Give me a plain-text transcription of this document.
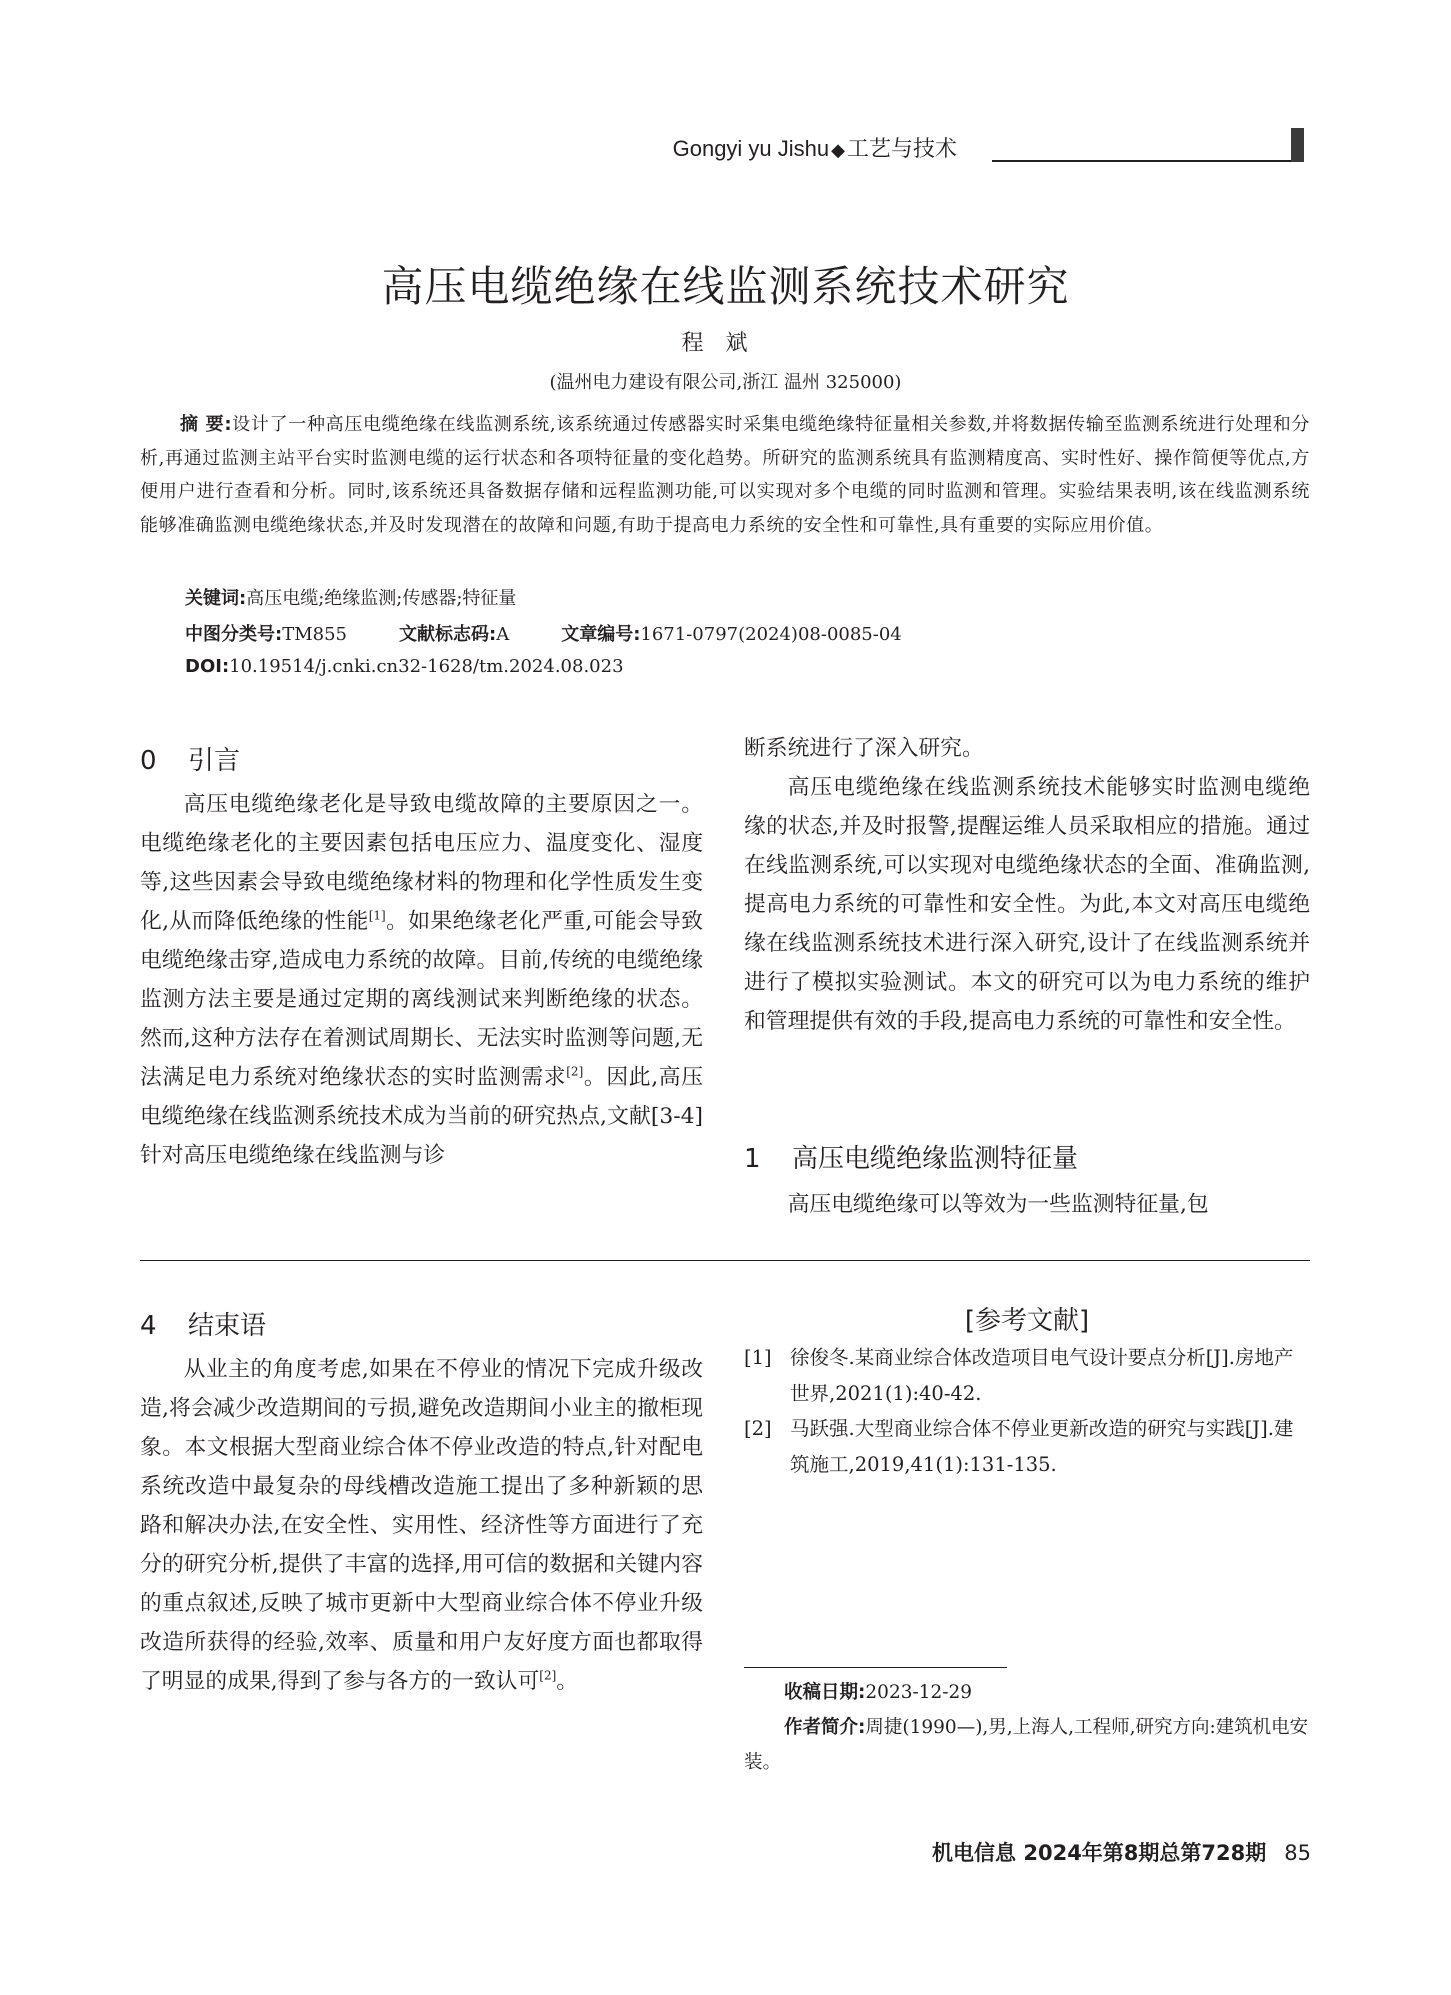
Gongyi yu Jishu ◆工艺与技术
高压电缆绝缘在线监测系统技术研究
程斌
(温州电力建设有限公司,浙江 温州 325000)

摘 要:设计了一种高压电缆绝缘在线监测系统,该系统通过传感器实时采集电缆绝缘特征量相关参数,并将数据传输至监测系统进行处理和分析,再通过监测主站平台实时监测电缆的运行状态和各项特征量的变化趋势。所研究的监测系统具有监测精度高、实时性好、操作简便等优点,方便用户进行查看和分析。同时,该系统还具备数据存储和远程监测功能,可以实现对多个电缆的同时监测和管理。实验结果表明,该在线监测系统能够准确监测电缆绝缘状态,并及时发现潜在的故障和问题,有助于提高电力系统的安全性和可靠性,具有重要的实际应用价值。

关键词:高压电缆;绝缘监测;传感器;特征量
中图分类号:TM855	文献标志码:A	文章编号:1671-0797(2024)08-0085-04
DOI:10.19514/j.cnki.cn32-1628/tm.2024.08.023
0 引言

高压电缆绝缘老化是导致电缆故障的主要原因之一。电缆绝缘老化的主要因素包括电压应力、温度变化、湿度等,这些因素会导致电缆绝缘材料的物理和化学性质发生变化,从而降低绝缘的性能[1]。如果绝缘老化严重,可能会导致电缆绝缘击穿,造成电力系统的故障。目前,传统的电缆绝缘监测方法主要是通过定期的离线测试来判断绝缘的状态。然而,这种方法存在着测试周期长、无法实时监测等问题,无法满足电力系统对绝缘状态的实时监测需求[2]。因此,高压电缆绝缘在线监测系统技术成为当前的研究热点,文献[3-4]针对高压电缆绝缘在线监测与诊

断系统进行了深入研究。

高压电缆绝缘在线监测系统技术能够实时监测电缆绝缘的状态,并及时报警,提醒运维人员采取相应的措施。通过在线监测系统,可以实现对电缆绝缘状态的全面、准确监测,提高电力系统的可靠性和安全性。为此,本文对高压电缆绝缘在线监测系统技术进行深入研究,设计了在线监测系统并进行了模拟实验测试。本文的研究可以为电力系统的维护和管理提供有效的手段,提高电力系统的可靠性和安全性。

1 高压电缆绝缘监测特征量

高压电缆绝缘可以等效为一些监测特征量,包

4 结束语

从业主的角度考虑,如果在不停业的情况下完成升级改造,将会减少改造期间的亏损,避免改造期间小业主的撤柜现象。本文根据大型商业综合体不停业改造的特点,针对配电系统改造中最复杂的母线槽改造施工提出了多种新颖的思路和解决办法,在安全性、实用性、经济性等方面进行了充分的研究分析,提供了丰富的选择,用可信的数据和关键内容的重点叙述,反映了城市更新中大型商业综合体不停业升级改造所获得的经验,效率、质量和用户友好度方面也都取得了明显的成果,得到了参与各方的一致认可[2]。

[参考文献]
[1] 徐俊冬.某商业综合体改造项目电气设计要点分析[J].房地产世界,2021(1):40-42.
[2] 马跃强.大型商业综合体不停业更新改造的研究与实践[J].建筑施工,2019,41(1):131-135.

收稿日期:2023-12-29

作者简介:周捷(1990—),男,上海人,工程师,研究方向:建筑机电安装。

机电信息 2024年第8期总第728期 85
